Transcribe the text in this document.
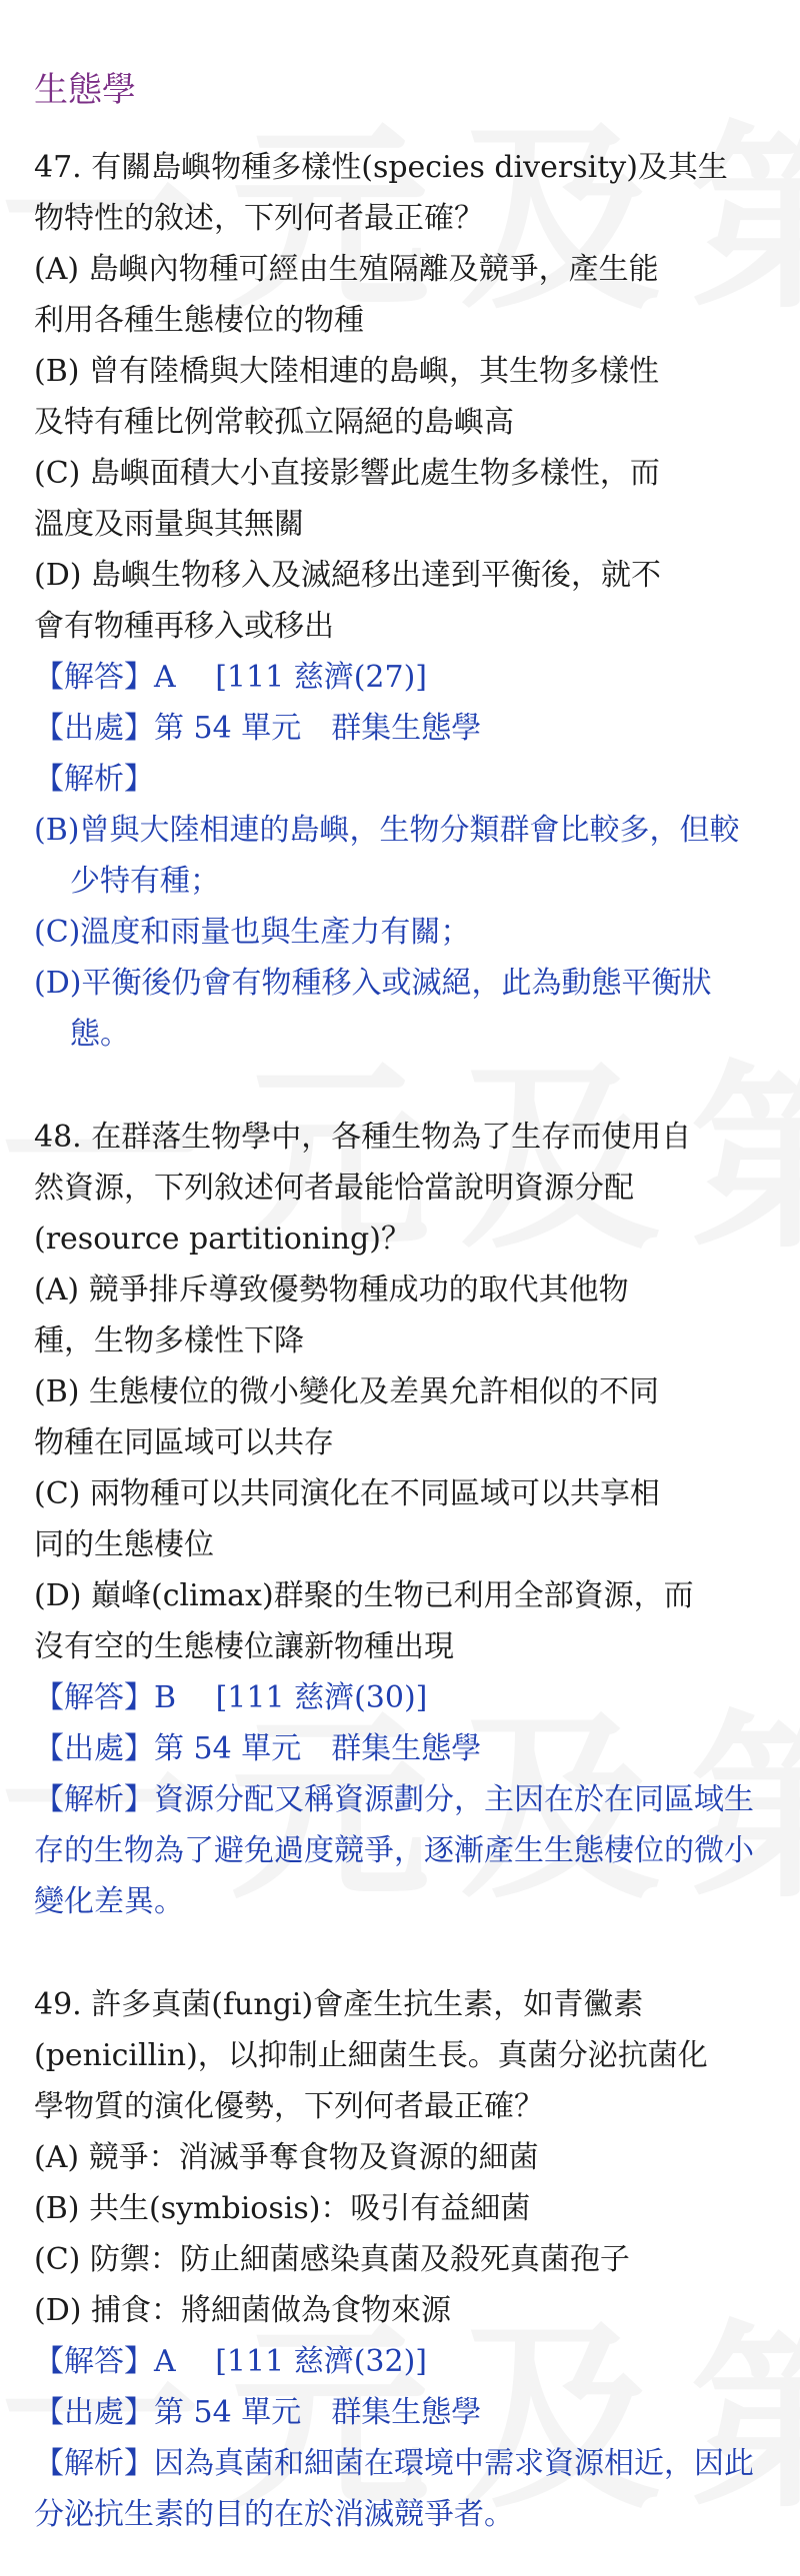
生態學

47. 有關島嶼物種多樣性(species diversity)及其生

物特性的敘述，下列何者最正確？

(A) 島嶼內物種可經由生殖隔離及競爭，產生能

利用各種生態棲位的物種

(B) 曾有陸橋與大陸相連的島嶼，其生物多樣性

及特有種比例常較孤立隔絕的島嶼高

(C) 島嶼面積大小直接影響此處生物多樣性，而

溫度及雨量與其無關

(D) 島嶼生物移入及滅絕移出達到平衡後，就不

會有物種再移入或移出

【解答】A　 [111 慈濟(27)]
【出處】第 54 單元　群集生態學
【解析】
(B)曾與大陸相連的島嶼，生物分類群會比較多，但較少特有種；
(C)溫度和雨量也與生產力有關；
(D)平衡後仍會有物種移入或滅絕，此為動態平衡狀態。

48. 在群落生物學中，各種生物為了生存而使用自

然資源，下列敘述何者最能恰當說明資源分配

(resource partitioning)？

(A) 競爭排斥導致優勢物種成功的取代其他物

種，生物多樣性下降

(B) 生態棲位的微小變化及差異允許相似的不同

物種在同區域可以共存

(C) 兩物種可以共同演化在不同區域可以共享相

同的生態棲位

(D) 巔峰(climax)群聚的生物已利用全部資源，而

沒有空的生態棲位讓新物種出現

【解答】B　 [111 慈濟(30)]
【出處】第 54 單元　群集生態學
【解析】資源分配又稱資源劃分，主因在於在同區域生存的生物為了避免過度競爭，逐漸產生生態棲位的微小變化差異。

49. 許多真菌(fungi)會產生抗生素，如青黴素

(penicillin)，以抑制止細菌生長。真菌分泌抗菌化

學物質的演化優勢，下列何者最正確？

(A) 競爭：消滅爭奪食物及資源的細菌

(B) 共生(symbiosis)：吸引有益細菌

(C) 防禦：防止細菌感染真菌及殺死真菌孢子

(D) 捕食：將細菌做為食物來源

【解答】A　 [111 慈濟(32)]
【出處】第 54 單元　群集生態學
【解析】因為真菌和細菌在環境中需求資源相近，因此分泌抗生素的目的在於消滅競爭者。
